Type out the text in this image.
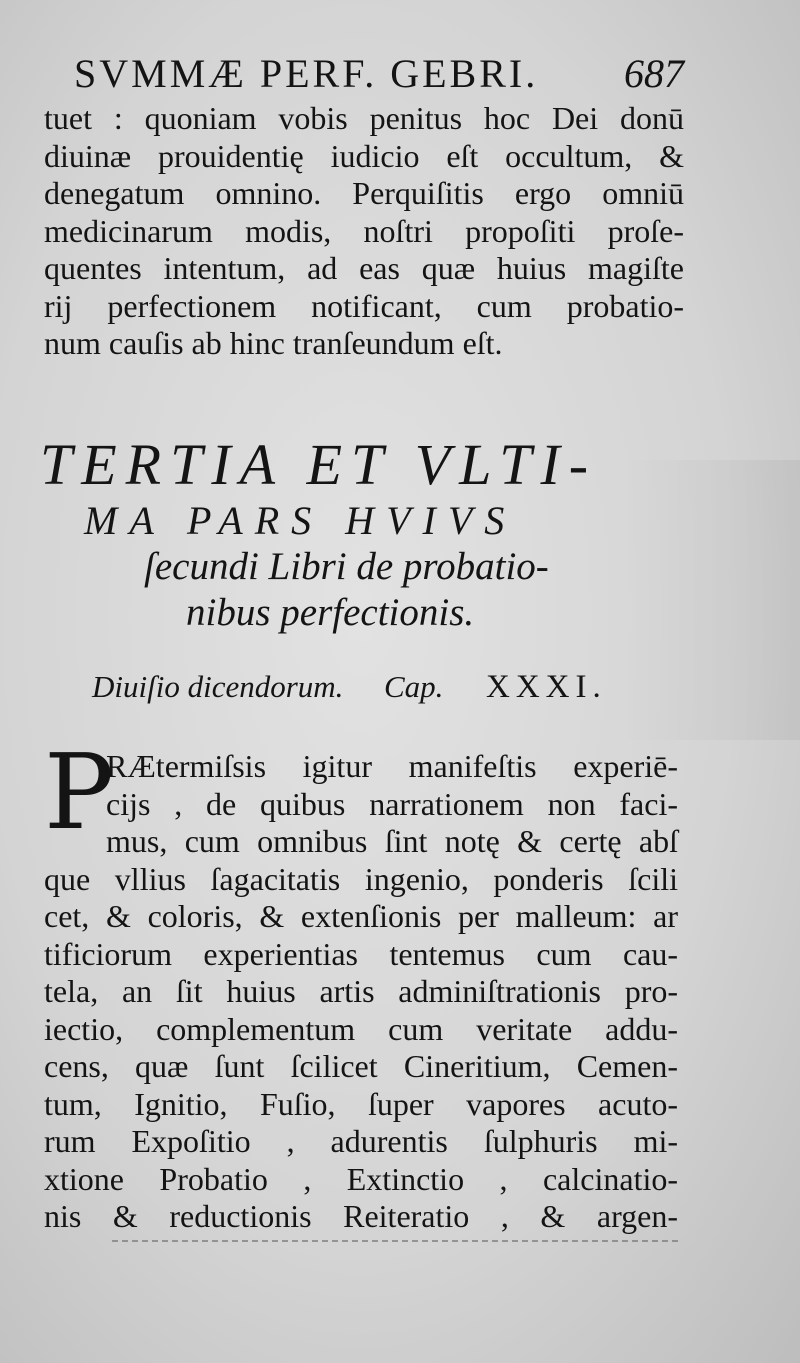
SVMMÆ PERF. GEBRI. 687
tuet : quoniam vobis penitus hoc Dei donū
diuinæ prouidentię iudicio eſt occultum, &
denegatum omnino. Perquiſitis ergo omniū
medicinarum modis, noſtri propoſiti proſe-
quentes intentum, ad eas quæ huius magiſte
rij perfectionem notificant, cum probatio-
num cauſis ab hinc tranſeundum eſt.
TERTIA ET VLTI-
MA PARS HVIVS
ſecundi Libri de probatio-
nibus perfectionis.
Diuiſio dicendorum. Cap. XXXI.
P
RÆtermiſsis igitur manifeſtis experiē-
cijs , de quibus narrationem non faci-
mus, cum omnibus ſint notę & certę abſ
que vllius ſagacitatis ingenio, ponderis ſcili
cet, & coloris, & extenſionis per malleum: ar
tificiorum experientias tentemus cum cau-
tela, an ſit huius artis adminiſtrationis pro-
iectio, complementum cum veritate addu-
cens, quæ ſunt ſcilicet Cineritium, Cemen-
tum, Ignitio, Fuſio, ſuper vapores acuto-
rum Expoſitio , adurentis ſulphuris mi-
xtione Probatio , Extinctio , calcinatio-
nis & reductionis Reiteratio , & argen-
